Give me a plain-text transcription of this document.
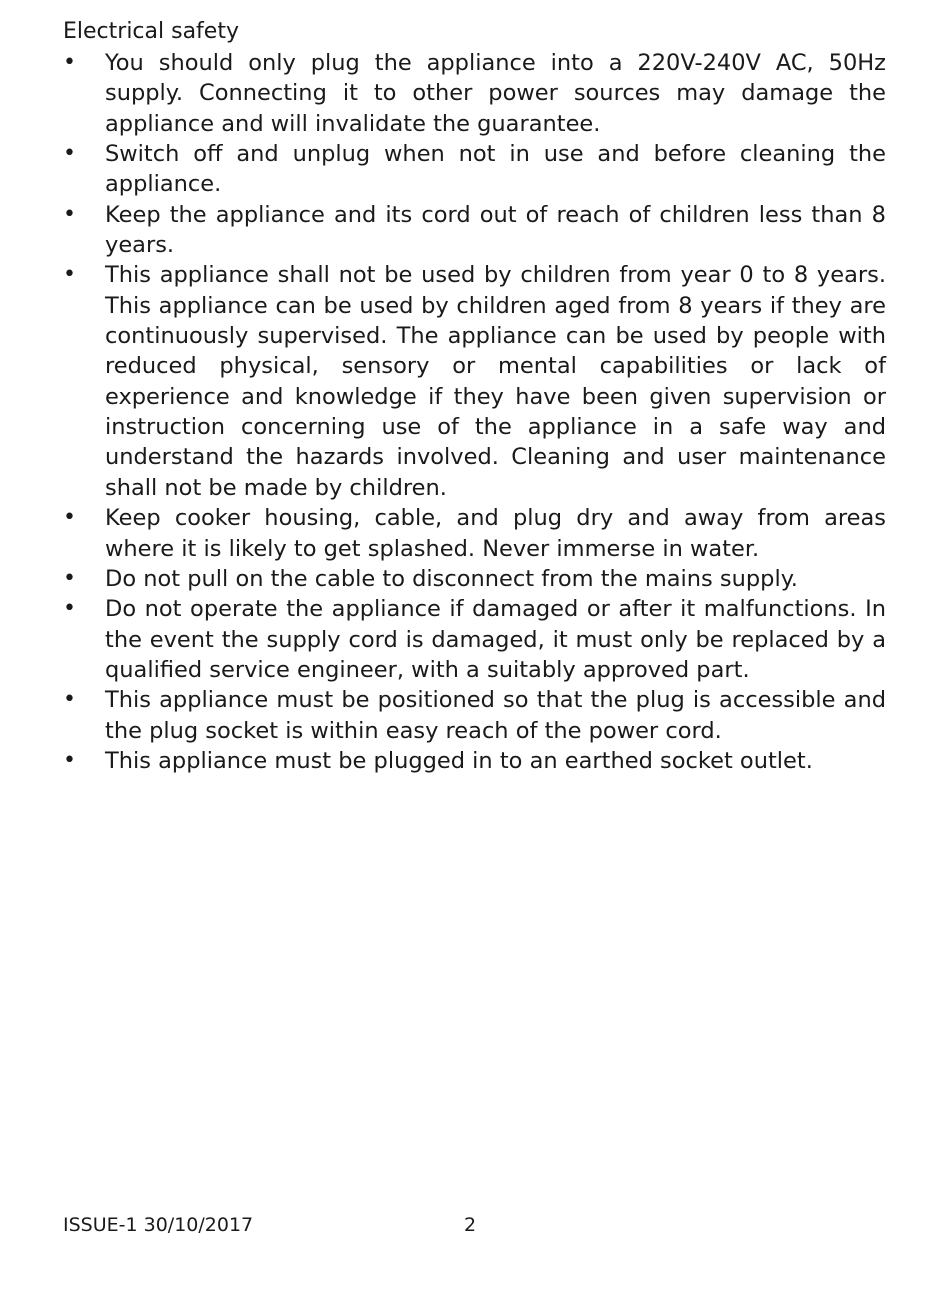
Electrical safety
• You should only plug the appliance into a 220V-240V AC, 50Hz supply. Connecting it to other power sources may damage the appliance and will invalidate the guarantee.
• Switch off and unplug when not in use and before cleaning the appliance.
• Keep the appliance and its cord out of reach of children less than 8 years.
• This appliance shall not be used by children from year 0 to 8 years. This appliance can be used by children aged from 8 years if they are continuously supervised. The appliance can be used by people with reduced physical, sensory or mental capabilities or lack of experience and knowledge if they have been given supervision or instruction concerning use of the appliance in a safe way and understand the hazards involved. Cleaning and user maintenance shall not be made by children.
• Keep cooker housing, cable, and plug dry and away from areas where it is likely to get splashed. Never immerse in water.
• Do not pull on the cable to disconnect from the mains supply.
• Do not operate the appliance if damaged or after it malfunctions. In the event the supply cord is damaged, it must only be replaced by a qualified service engineer, with a suitably approved part.
• This appliance must be positioned so that the plug is accessible and the plug socket is within easy reach of the power cord.
• This appliance must be plugged in to an earthed socket outlet.
ISSUE-1 30/10/2017	2
